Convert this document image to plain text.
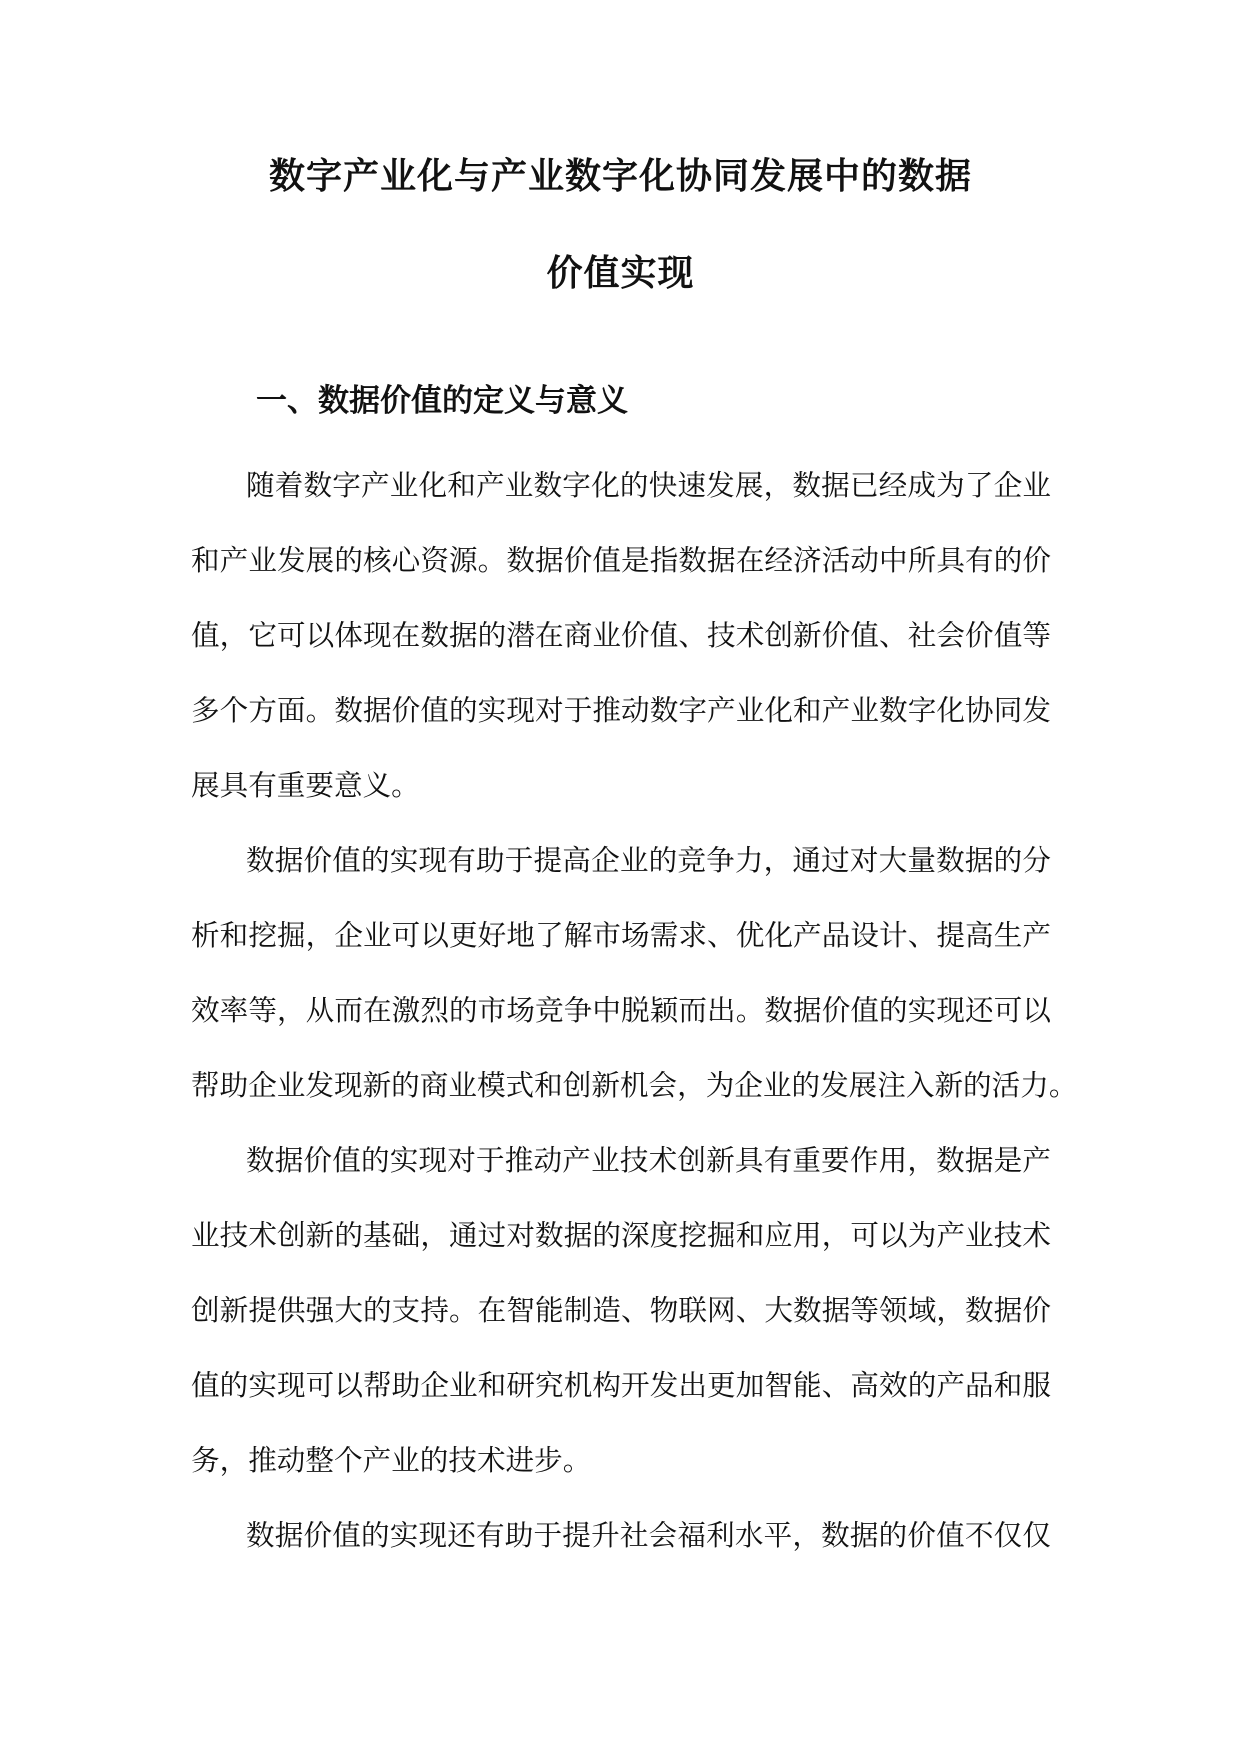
数字产业化与产业数字化协同发展中的数据
价值实现
一、数据价值的定义与意义
随着数字产业化和产业数字化的快速发展，数据已经成为了企业
和产业发展的核心资源。数据价值是指数据在经济活动中所具有的价
值，它可以体现在数据的潜在商业价值、技术创新价值、社会价值等
多个方面。数据价值的实现对于推动数字产业化和产业数字化协同发
展具有重要意义。
数据价值的实现有助于提高企业的竞争力，通过对大量数据的分
析和挖掘，企业可以更好地了解市场需求、优化产品设计、提高生产
效率等，从而在激烈的市场竞争中脱颖而出。数据价值的实现还可以
帮助企业发现新的商业模式和创新机会，为企业的发展注入新的活力。
数据价值的实现对于推动产业技术创新具有重要作用，数据是产
业技术创新的基础，通过对数据的深度挖掘和应用，可以为产业技术
创新提供强大的支持。在智能制造、物联网、大数据等领域，数据价
值的实现可以帮助企业和研究机构开发出更加智能、高效的产品和服
务，推动整个产业的技术进步。
数据价值的实现还有助于提升社会福利水平，数据的价值不仅仅
